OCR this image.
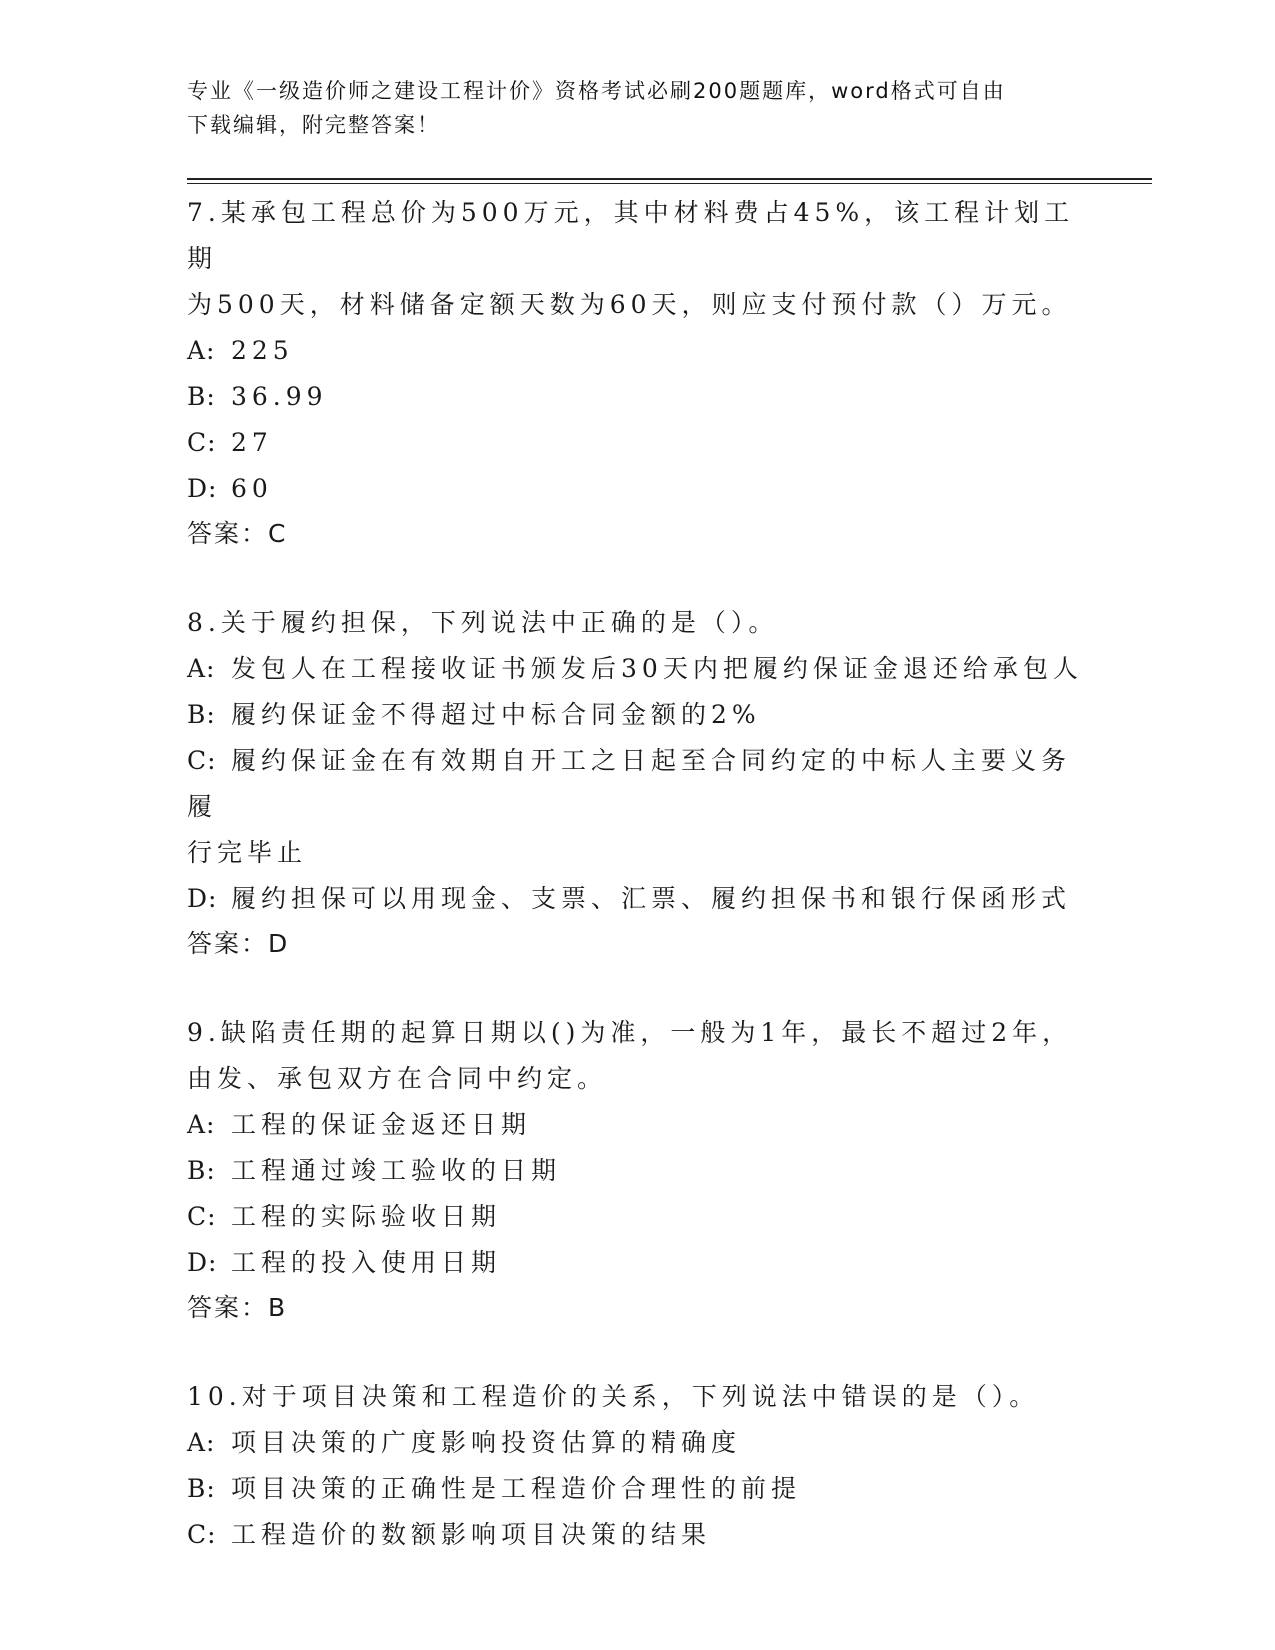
专业《一级造价师之建设工程计价》资格考试必刷200题题库，word格式可自由
下载编辑，附完整答案！

7.某承包工程总价为500万元，其中材料费占45%，该工程计划工期

为500天，材料储备定额天数为60天，则应支付预付款（）万元。

A: 225

B: 36.99

C: 27

D: 60

答案：C

8.关于履约担保，下列说法中正确的是（）。

A: 发包人在工程接收证书颁发后30天内把履约保证金退还给承包人

B: 履约保证金不得超过中标合同金额的2%

C: 履约保证金在有效期自开工之日起至合同约定的中标人主要义务履

行完毕止

D: 履约担保可以用现金、支票、汇票、履约担保书和银行保函形式

答案：D

9.缺陷责任期的起算日期以()为准，一般为1年，最长不超过2年，

由发、承包双方在合同中约定。

A: 工程的保证金返还日期

B: 工程通过竣工验收的日期

C: 工程的实际验收日期

D: 工程的投入使用日期

答案：B

10.对于项目决策和工程造价的关系，下列说法中错误的是（）。

A: 项目决策的广度影响投资估算的精确度

B: 项目决策的正确性是工程造价合理性的前提

C: 工程造价的数额影响项目决策的结果
